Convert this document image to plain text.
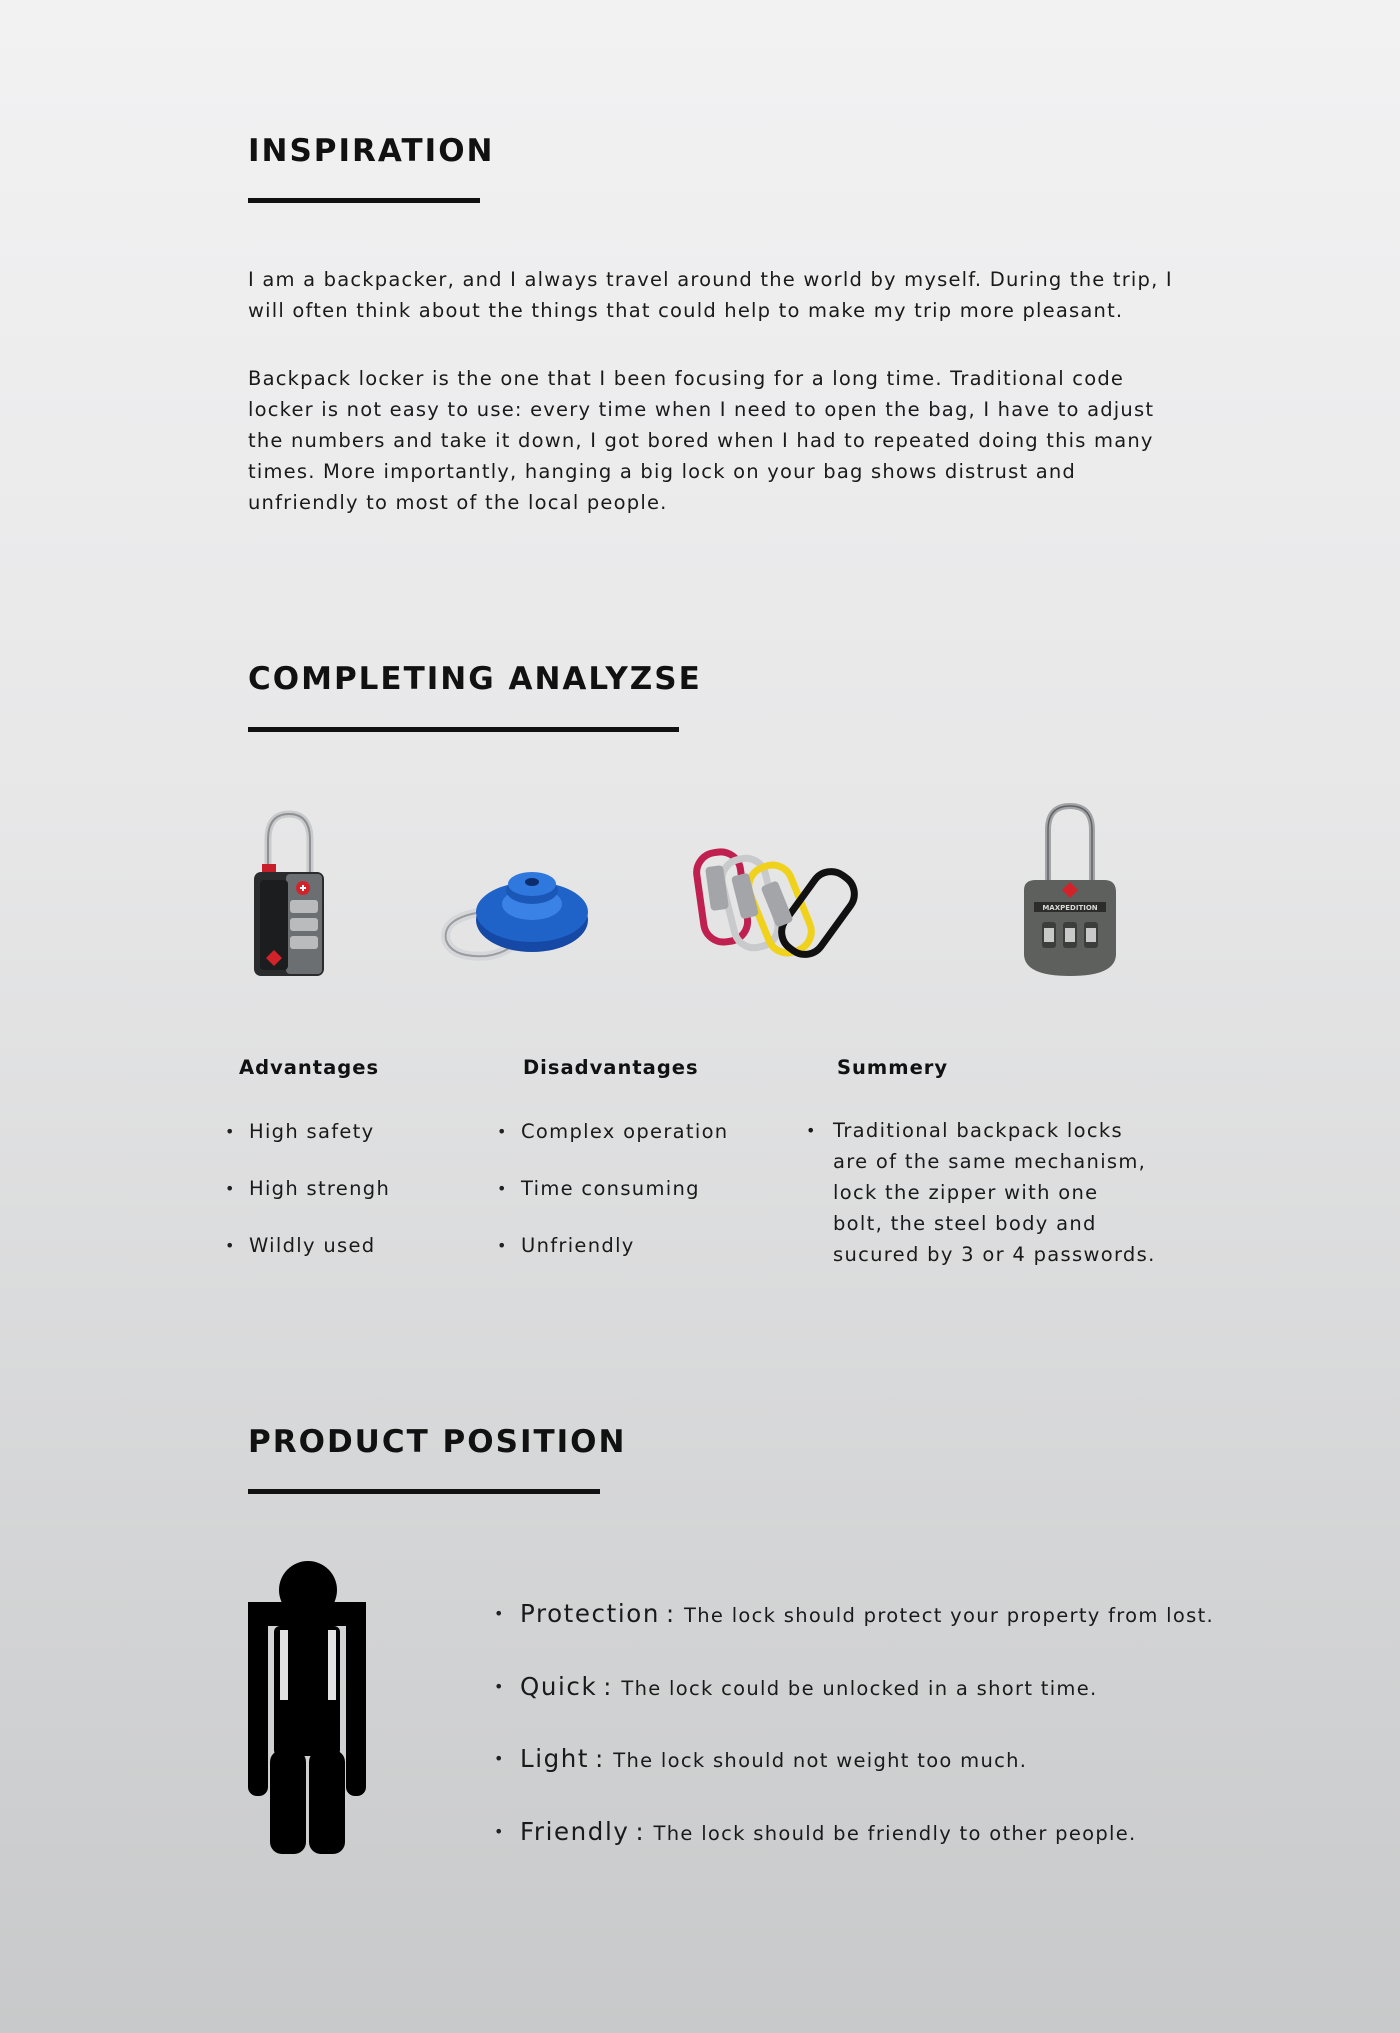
INSPIRATION

I am a backpacker, and I always travel around the world by myself. During the trip, I will often think about the things that could help to make my trip more pleasant.

Backpack locker is the one that I been focusing for a long time. Traditional code locker is not easy to use: every time when I need to open the bag, I have to adjust the numbers and take it down, I got bored when I had to repeated doing this many times. More importantly, hanging a big lock on your bag shows distrust and unfriendly to most of the local people.

COMPLETING ANALYZSE
MAXPEDITION
Advantages	Disadvantages	Summery
• High safety
• High strengh
• Wildly used
• Complex operation
• Time consuming
• Unfriendly
• Traditional backpack locks
are of the same mechanism,
lock the zipper with one
bolt, the steel body and
sucured by 3 or 4 passwords.
PRODUCT POSITION
• Protection : The lock should protect your property from lost.
• Quick : The lock could be unlocked in a short time.
• Light : The lock should not weight too much.
• Friendly : The lock should be friendly to other people.
